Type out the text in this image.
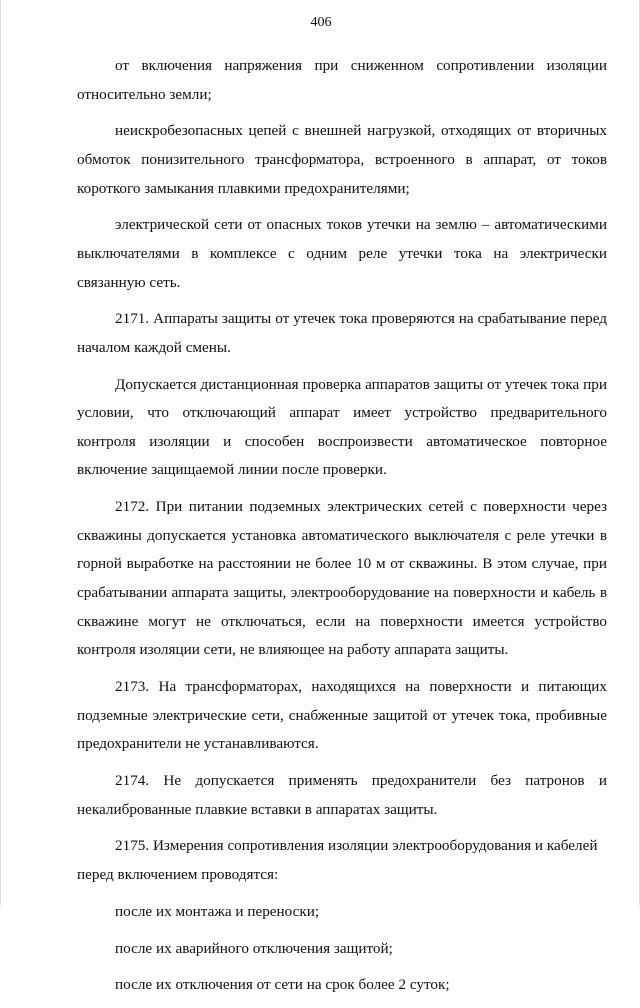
406

от включения напряжения при сниженном сопротивлении изоляции относительно земли;

неискробезопасных цепей с внешней нагрузкой, отходящих от вторичных обмоток понизительного трансформатора, встроенного в аппарат, от токов короткого замыкания плавкими предохранителями;

электрической сети от опасных токов утечки на землю – автоматическими выключателями в комплексе с одним реле утечки тока на электрически связанную сеть.

2171. Аппараты защиты от утечек тока проверяются на срабатывание перед началом каждой смены.

Допускается дистанционная проверка аппаратов защиты от утечек тока при условии, что отключающий аппарат имеет устройство предварительного контроля изоляции и способен воспроизвести автоматическое повторное включение защищаемой линии после проверки.

2172. При питании подземных электрических сетей с поверхности через скважины допускается установка автоматического выключателя с реле утечки в горной выработке на расстоянии не более 10 м от скважины. В этом случае, при срабатывании аппарата защиты, электрооборудование на поверхности и кабель в скважине могут не отключаться, если на поверхности имеется устройство контроля изоляции сети, не влияющее на работу аппарата защиты.

2173. На трансформаторах, находящихся на поверхности и питающих подземные электрические сети, снабженные защитой от утечек тока, пробивные предохранители не устанавливаются.

2174. Не допускается применять предохранители без патронов и некалиброванные плавкие вставки в аппаратах защиты.

2175. Измерения сопротивления изоляции электрооборудования и кабелей перед включением проводятся:

после их монтажа и переноски;

после их аварийного отключения защитой;

после их отключения от сети на срок более 2 суток;
